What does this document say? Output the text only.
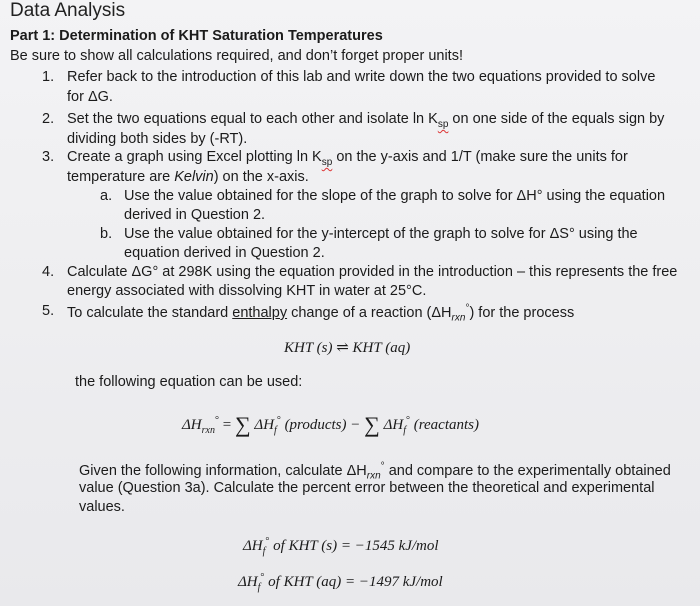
Data Analysis
Part 1: Determination of KHT Saturation Temperatures
Be sure to show all calculations required, and don’t forget proper units!
1. Refer back to the introduction of this lab and write down the two equations provided to solve
for ΔG.
2. Set the two equations equal to each other and isolate $\ln K_{sp}$ on one side of the equals sign by
dividing both sides by (-RT).
3. Create a graph using Excel plotting $\ln K_{sp}$ on the y-axis and 1/T (make sure the units for
temperature are Kelvin) on the x-axis.
a. Use the value obtained for the slope of the graph to solve for ΔH° using the equation
derived in Question 2.
b. Use the value obtained for the y-intercept of the graph to solve for ΔS° using the
equation derived in Question 2.
4. Calculate ΔG° at 298K using the equation provided in the introduction – this represents the free
energy associated with dissolving KHT in water at 25°C.
5. To calculate the standard enthalpy change of a reaction $(\Delta H_{rxn}^\circ)$ for the process
KHT (s) ⇌ KHT (aq)
the following equation can be used:
$\Delta H_{rxn}^\circ$ = ∑ $\Delta H_f^\circ$ (products) − ∑ $\Delta H_f^\circ$ (reactants)
Given the following information, calculate $\Delta H_{rxn}^\circ$ and compare to the experimentally obtained
value (Question 3a). Calculate the percent error between the theoretical and experimental
values.
$\Delta H_f^\circ$ of KHT (s) = −1545 kJ/mol
$\Delta H_f^\circ$ of KHT (aq) = −1497 kJ/mol
